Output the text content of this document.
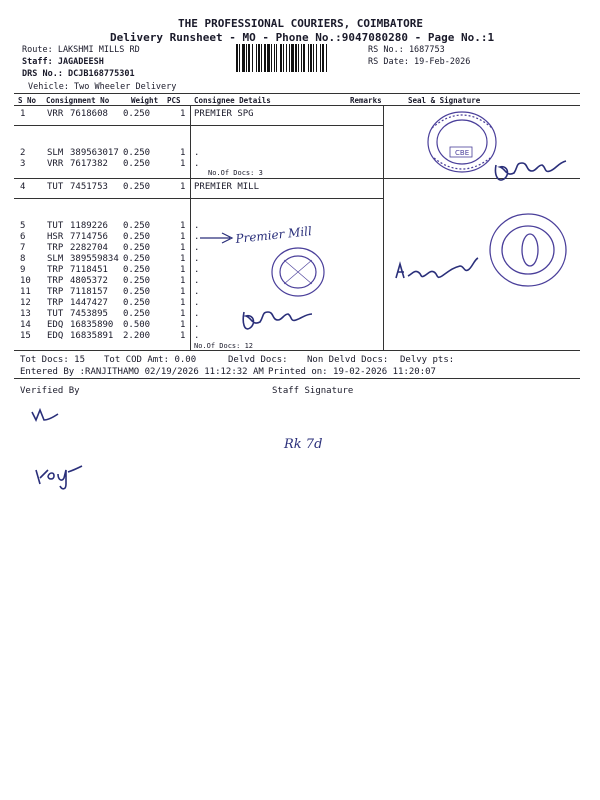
THE PROFESSIONAL COURIERS, COIMBATORE
Delivery Runsheet - MO - Phone No.:9047080280 - Page No.:1
Route: LAKSHMI MILLS RD
Staff: JAGADEESH
DRS No.: DCJB168775301
Vehicle: Two Wheeler Delivery
RS No.: 1687753
RS Date: 19-Feb-2026
S No Consignment No	Weight PCS Consignee Details	Remarks	Seal & Signature
1 VRR 7618608 0.250	1 PREMIER SPG
2 SLM 389563017 0.250	1 .
3 VRR 7617382 0.250	1 .
No.Of Docs: 3
4 TUT 7451753 0.250	1 PREMIER MILL
5 TUT 1189226 0.250	1 .
6 HSR 7714756 0.250	1 .
7 TRP 2282704 0.250	1 .
8 SLM 389559834 0.250	1 .
9 TRP 7118451 0.250	1 .
10 TRP 4805372 0.250	1 .
11 TRP 7118157 0.250	1 .
12 TRP 1447427 0.250	1 .
13 TUT 7453895 0.250	1 .
14 EDQ 16835890 0.500	1 .
15 EDQ 16835891 2.200	1 .
No.Of Docs: 12
Tot Docs: 15 Tot COD Amt: 0.00	Delvd Docs: Non Delvd Docs: Delvy pts:
Entered By :RANJITHAMO 02/19/2026 11:12:32 AM Printed on: 19-02-2026 11:20:07
Verified By	Staff Signature
CBE
Premier Mill
Rk 7d
